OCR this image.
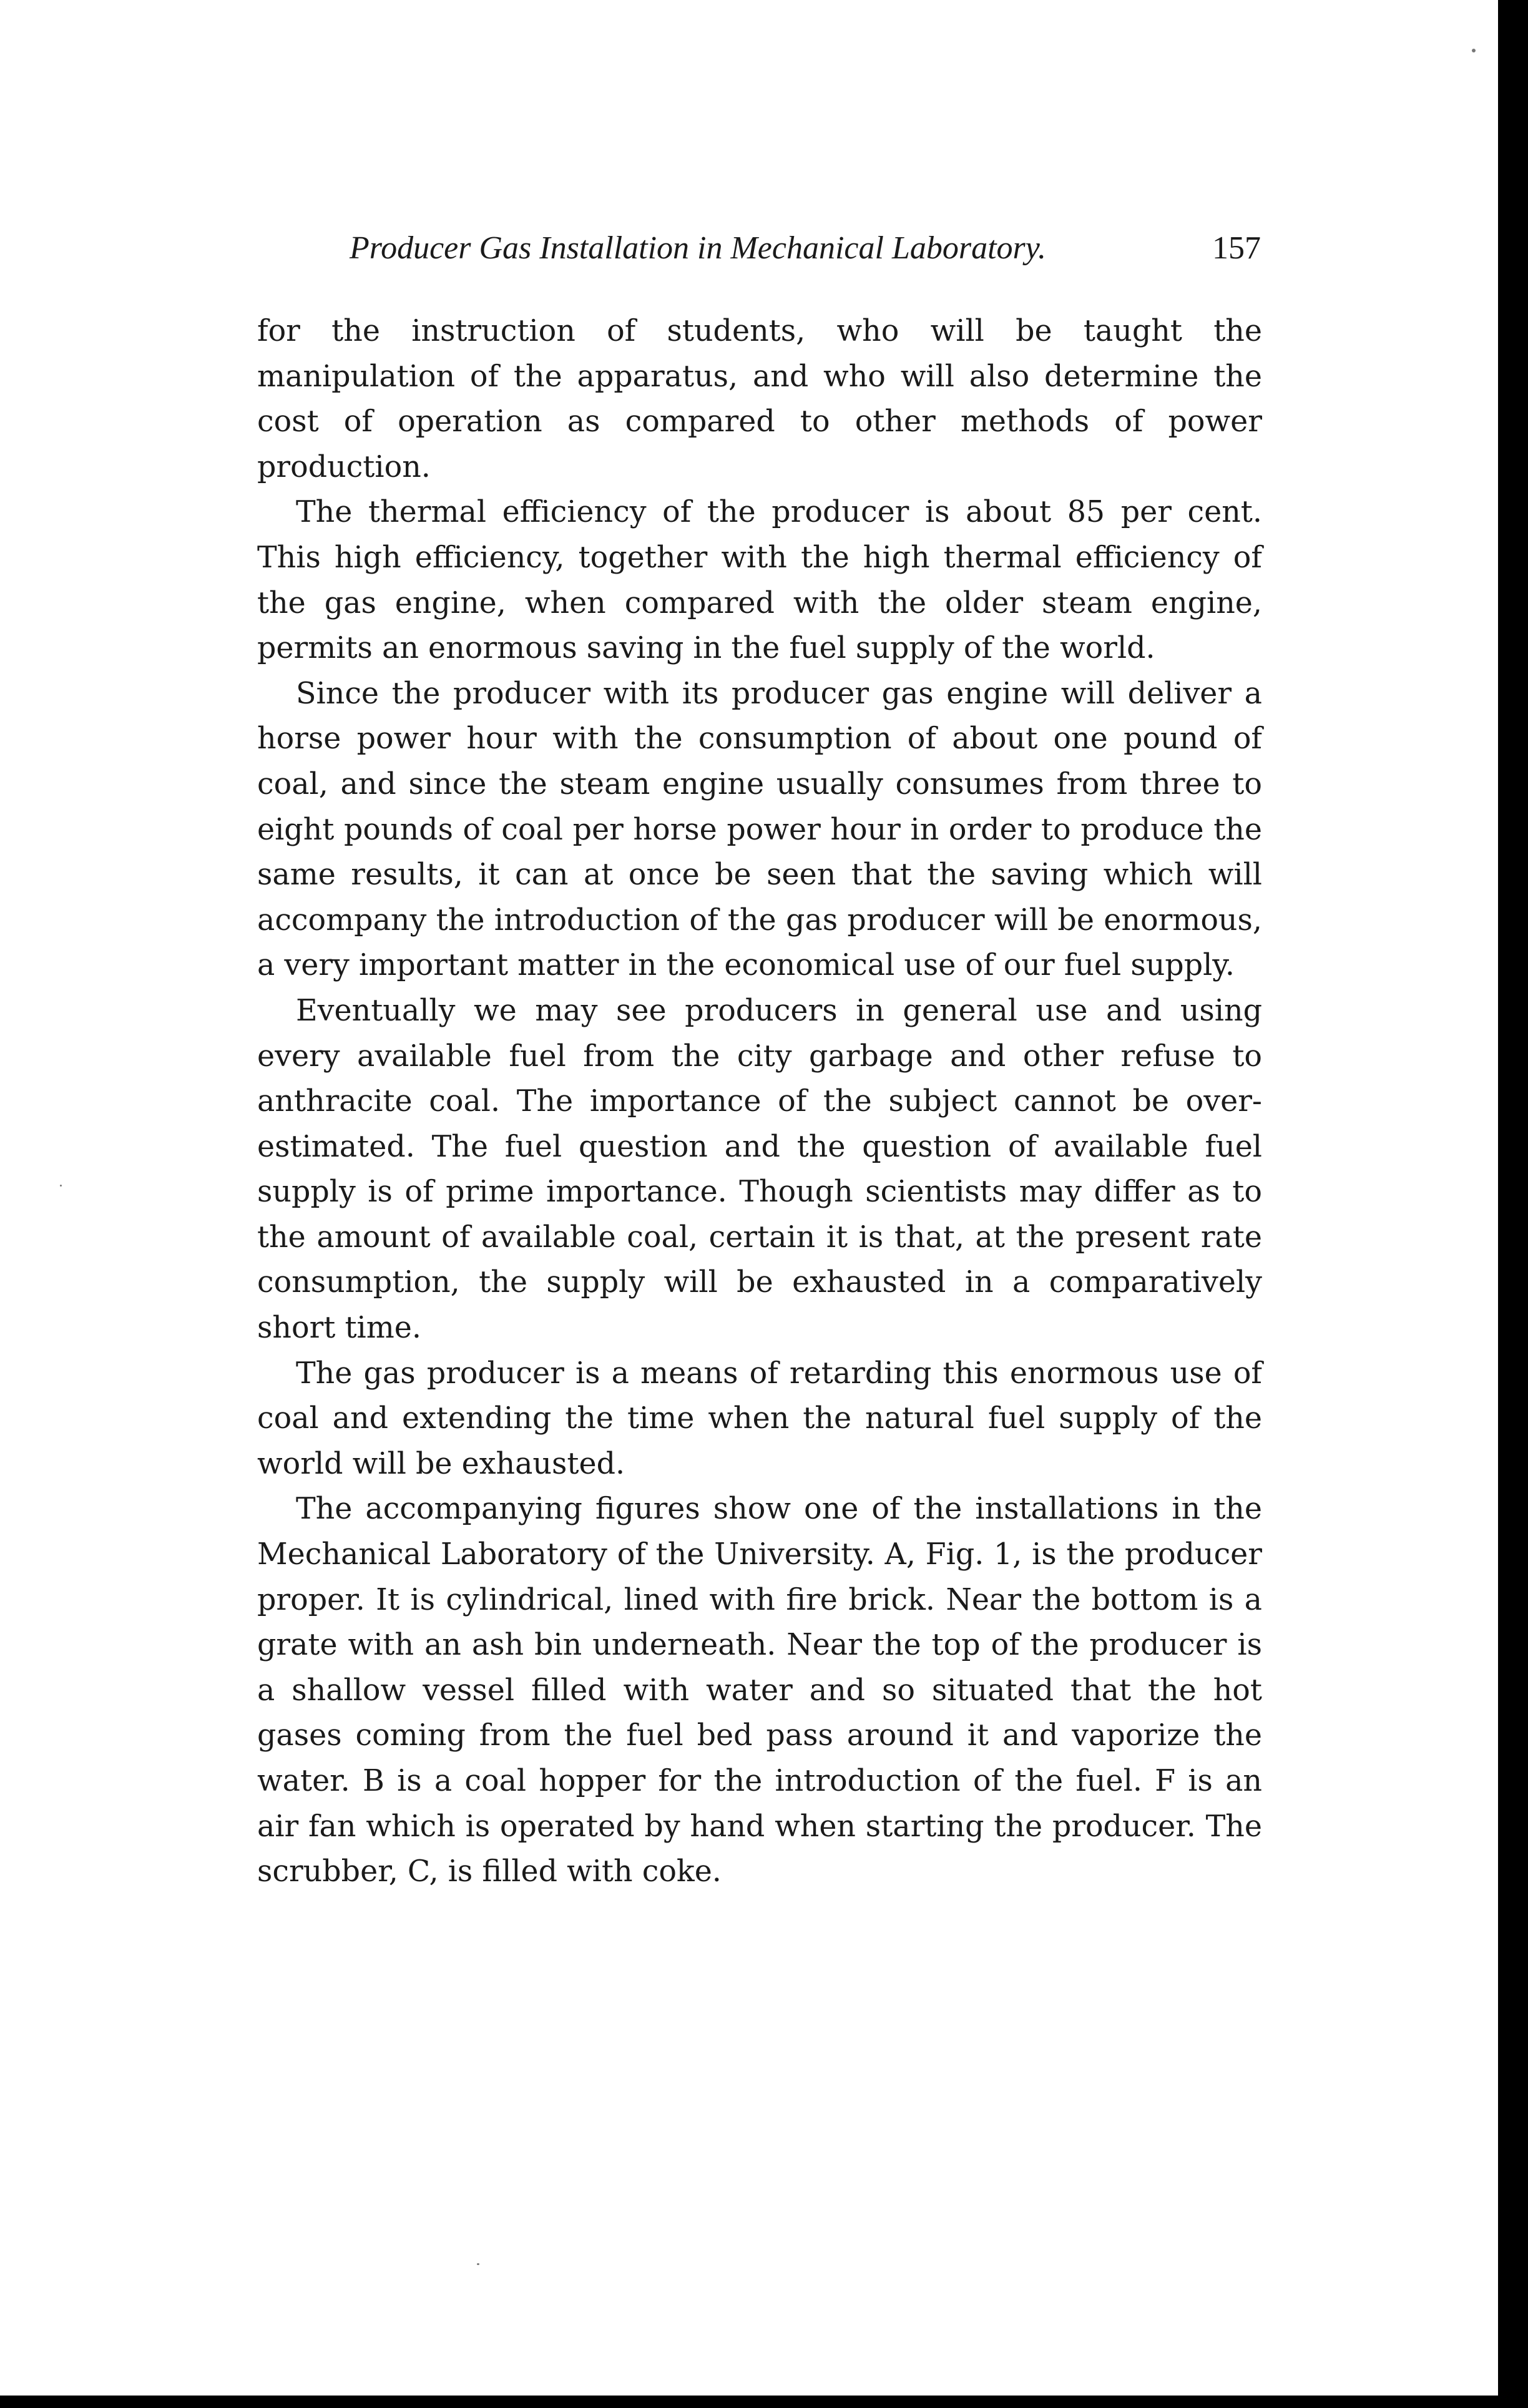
Producer Gas Installation in Mechanical Laboratory.	157

for the instruction of students, who will be taught the manipulation of the apparatus, and who will also determine the cost of operation as compared to other methods of power production.

The thermal efficiency of the producer is about 85 per cent. This high efficiency, together with the high thermal efficiency of the gas engine, when compared with the older steam engine, permits an enormous saving in the fuel supply of the world.

Since the producer with its producer gas engine will deliver a horse power hour with the consumption of about one pound of coal, and since the steam engine usually consumes from three to eight pounds of coal per horse power hour in order to produce the same results, it can at once be seen that the saving which will accompany the introduction of the gas producer will be enormous, a very important matter in the economical use of our fuel supply.

Eventually we may see producers in general use and using every available fuel from the city garbage and other refuse to anthracite coal. The importance of the subject cannot be over-estimated. The fuel question and the question of available fuel supply is of prime importance. Though scientists may differ as to the amount of available coal, certain it is that, at the present rate consumption, the supply will be exhausted in a comparatively short time.

The gas producer is a means of retarding this enormous use of coal and extending the time when the natural fuel supply of the world will be exhausted.

The accompanying figures show one of the installations in the Mechanical Laboratory of the University. A, Fig. 1, is the producer proper. It is cylindrical, lined with fire brick. Near the bottom is a grate with an ash bin underneath. Near the top of the producer is a shallow vessel filled with water and so situated that the hot gases coming from the fuel bed pass around it and vaporize the water. B is a coal hopper for the introduction of the fuel. F is an air fan which is operated by hand when starting the producer. The scrubber, C, is filled with coke.
